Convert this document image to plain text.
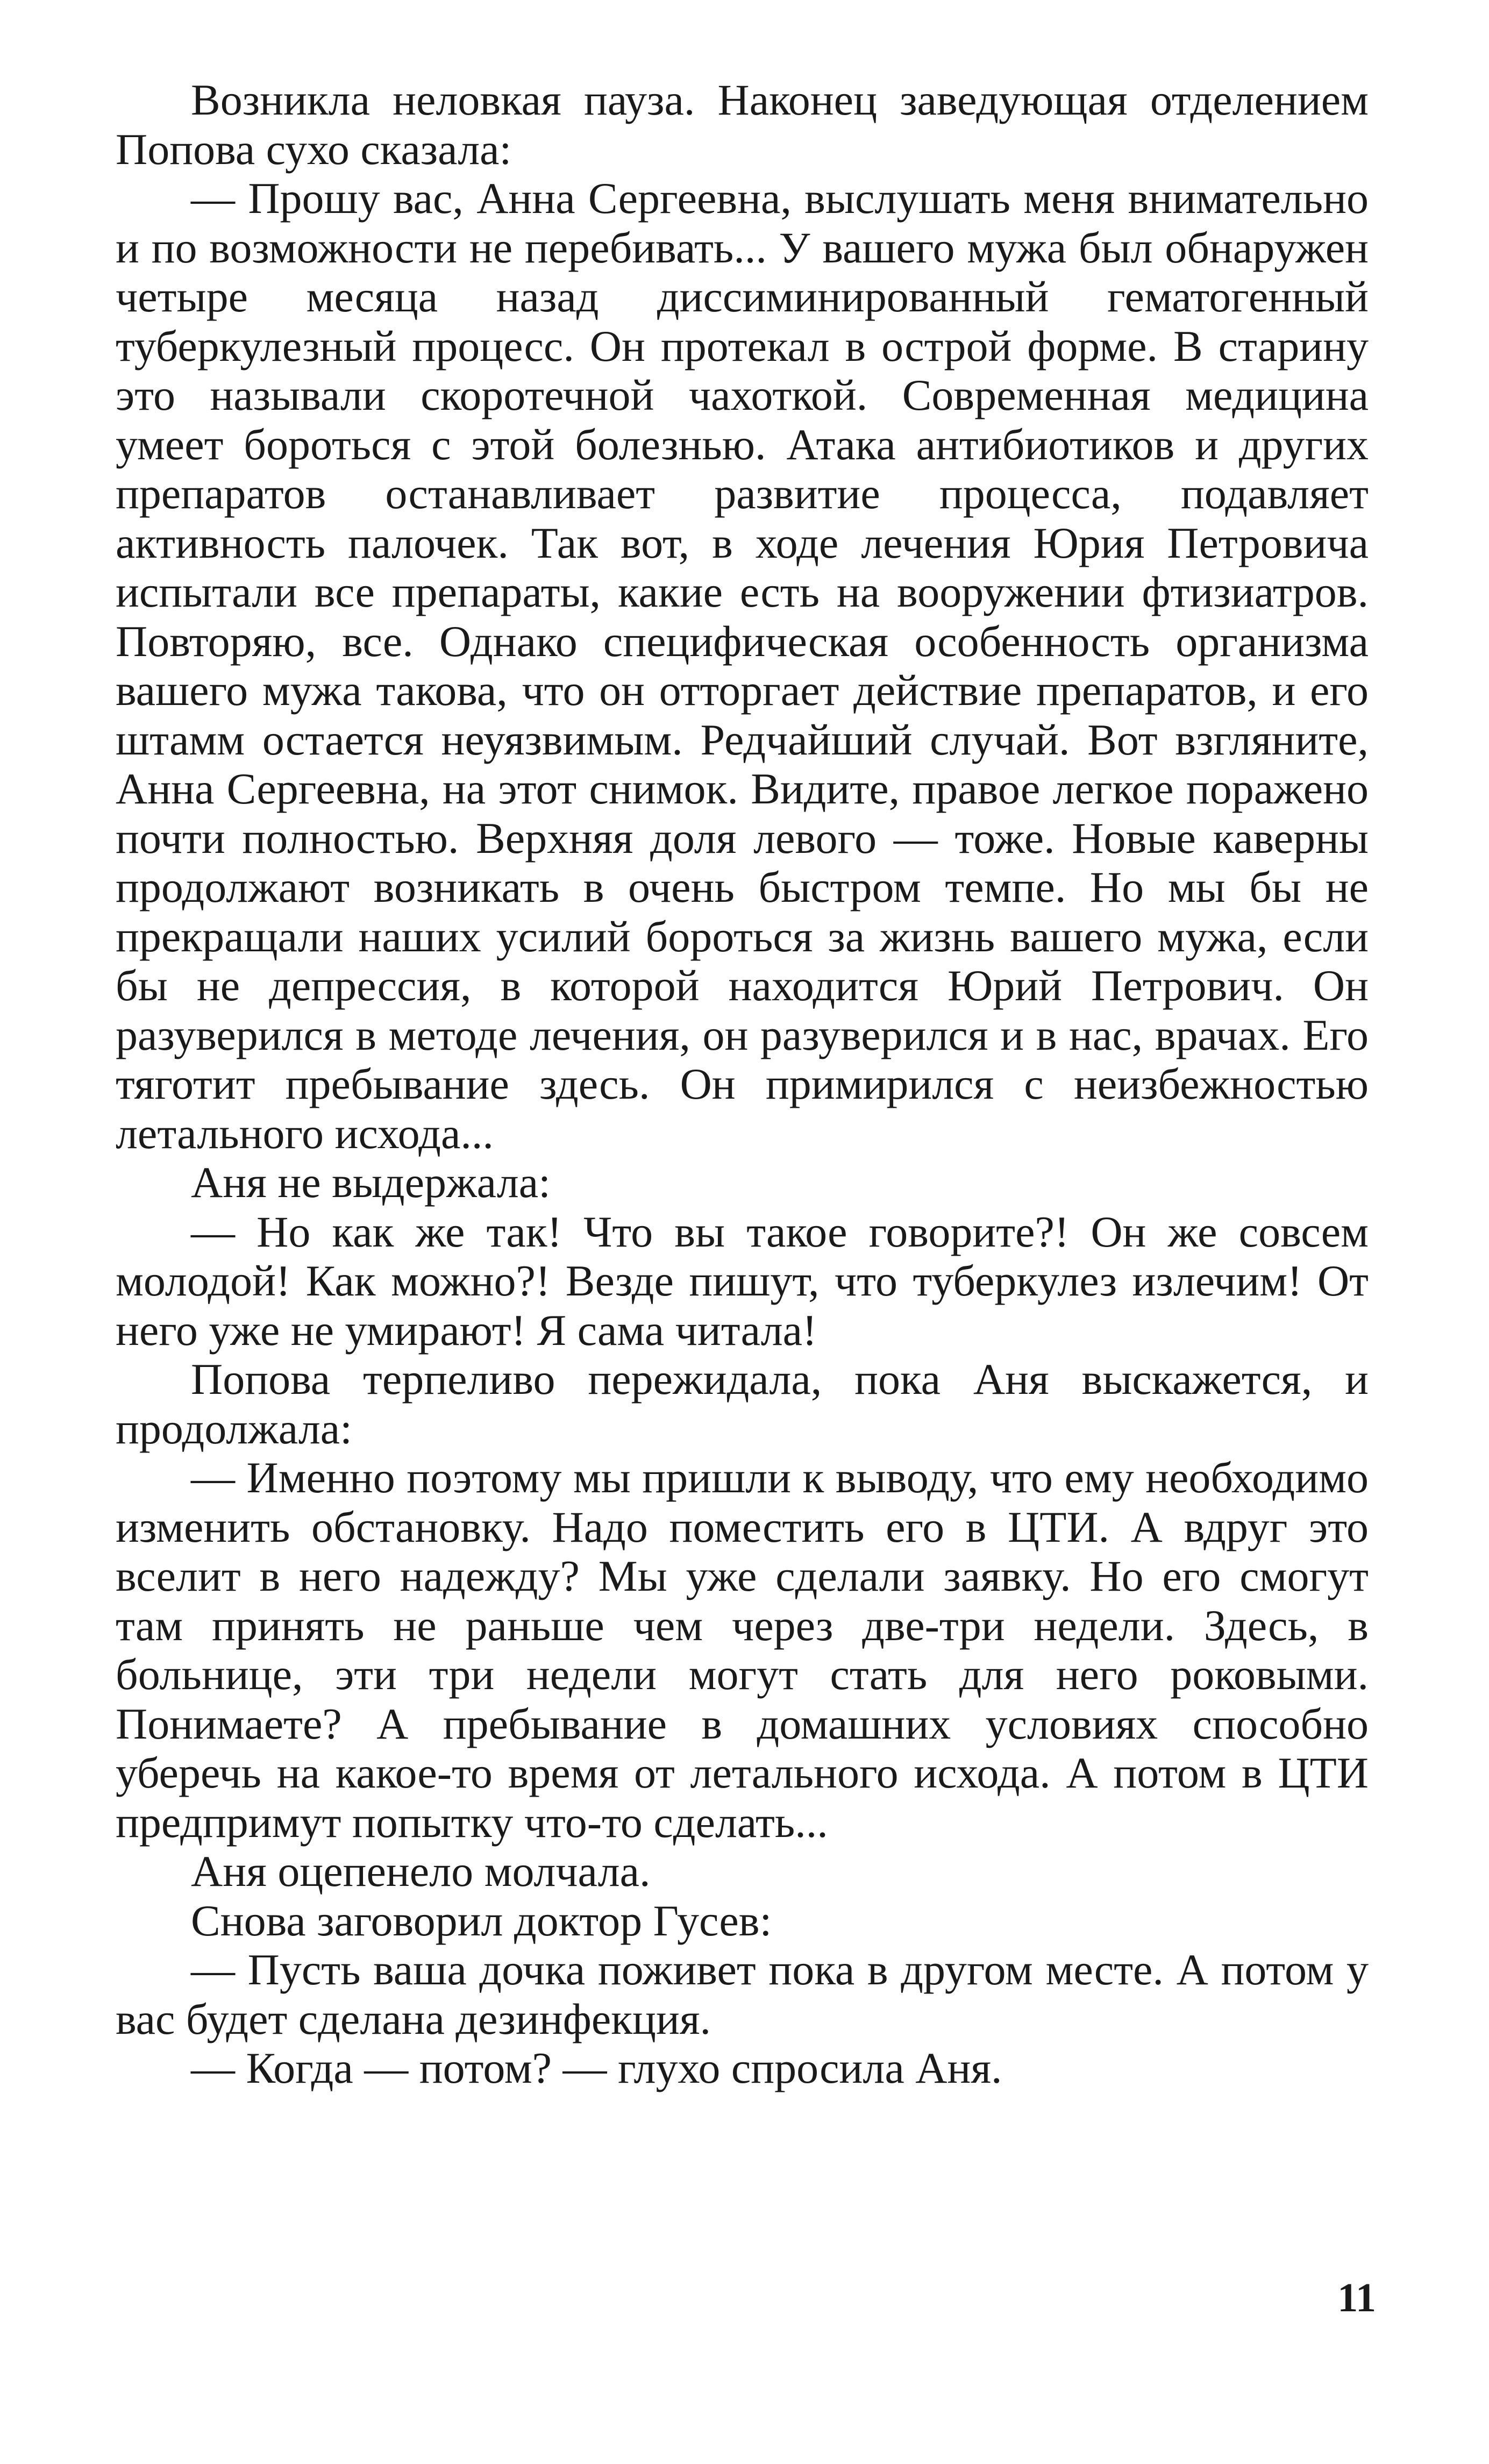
Возникла неловкая пауза. Наконец заведующая отделением Попова сухо сказала:

— Прошу вас, Анна Сергеевна, выслушать меня внимательно и по возможности не перебивать... У вашего мужа был обнаружен четыре месяца назад диссиминированный гематогенный туберкулезный процесс. Он протекал в острой форме. В старину это называли скоротечной чахоткой. Современная медицина умеет бороться с этой болезнью. Атака антибиотиков и других препаратов останавливает развитие процесса, подавляет активность палочек. Так вот, в ходе лечения Юрия Петровича испытали все препараты, какие есть на вооружении фтизиатров. Повторяю, все. Однако специфическая особенность организма вашего мужа такова, что он отторгает действие препаратов, и его штамм остается неуязвимым. Редчайший случай. Вот взгляните, Анна Сергеевна, на этот снимок. Видите, правое легкое поражено почти полностью. Верхняя доля левого — тоже. Новые каверны продолжают возникать в очень быстром темпе. Но мы бы не прекращали наших усилий бороться за жизнь вашего мужа, если бы не депрессия, в которой находится Юрий Петрович. Он разуверился в методе лечения, он разуверился и в нас, врачах. Его тяготит пребывание здесь. Он примирился с неизбежностью летального исхода...

Аня не выдержала:

— Но как же так! Что вы такое говорите?! Он же совсем молодой! Как можно?! Везде пишут, что туберкулез излечим! От него уже не умирают! Я сама читала!

Попова терпеливо пережидала, пока Аня выскажется, и продолжала:

— Именно поэтому мы пришли к выводу, что ему необходимо изменить обстановку. Надо поместить его в ЦТИ. А вдруг это вселит в него надежду? Мы уже сделали заявку. Но его смогут там принять не раньше чем через две-три недели. Здесь, в больнице, эти три недели могут стать для него роковыми. Понимаете? А пребывание в домашних условиях способно уберечь на какое-то время от летального исхода. А потом в ЦТИ предпримут попытку что-то сделать...

Аня оцепенело молчала.

Снова заговорил доктор Гусев:

— Пусть ваша дочка поживет пока в другом месте. А потом у вас будет сделана дезинфекция.

— Когда — потом? — глухо спросила Аня.

11
